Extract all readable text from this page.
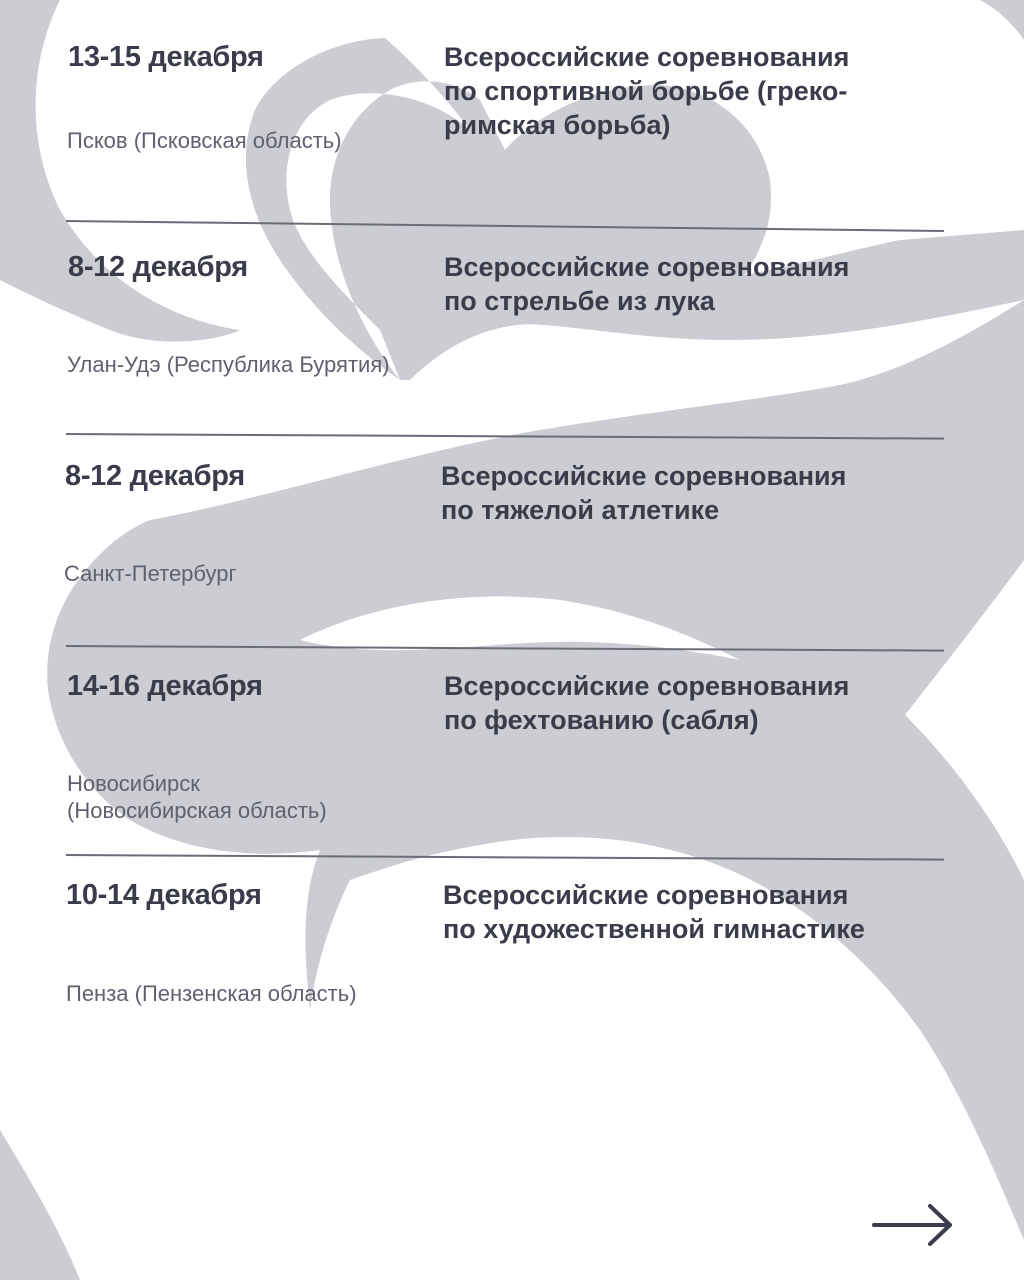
13-15 декабря	Всероссийские соревнования
по спортивной борьбе (греко-
римская борьба)
Псков (Псковская область)
8-12 декабря	Всероссийские соревнования
по стрельбе из лука
Улан-Удэ (Республика Бурятия)
8-12 декабря	Всероссийские соревнования
по тяжелой атлетике
Санкт-Петербург
14-16 декабря	Всероссийские соревнования
по фехтованию (сабля)
Новосибирск
(Новосибирская область)
10-14 декабря	Всероссийские соревнования
по художественной гимнастике
Пенза (Пензенская область)
